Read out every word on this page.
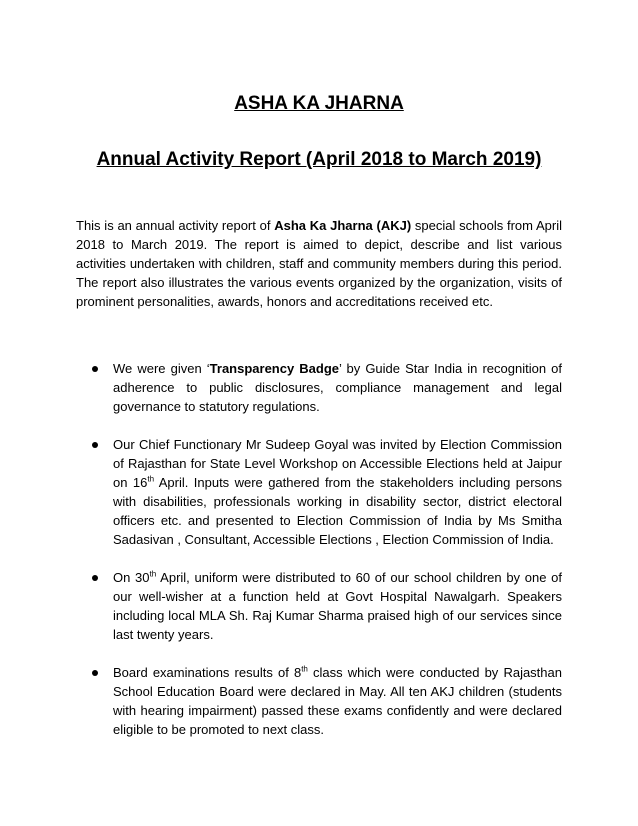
ASHA KA JHARNA
Annual Activity Report (April 2018 to March 2019)

This is an annual activity report of Asha Ka Jharna (AKJ) special schools from April 2018 to March 2019. The report is aimed to depict, describe and list various activities undertaken with children, staff and community members during this period. The report also illustrates the various events organized by the organization, visits of prominent personalities, awards, honors and accreditations received etc.

We were given ‘Transparency Badge’ by Guide Star India in recognition of adherence to public disclosures, compliance management and legal governance to statutory regulations.
Our Chief Functionary Mr Sudeep Goyal was invited by Election Commission of Rajasthan for State Level Workshop on Accessible Elections held at Jaipur on 16th April. Inputs were gathered from the stakeholders including persons with disabilities, professionals working in disability sector, district electoral officers etc. and presented to Election Commission of India by Ms Smitha Sadasivan , Consultant, Accessible Elections , Election Commission of India.
On 30th April, uniform were distributed to 60 of our school children by one of our well-wisher at a function held at Govt Hospital Nawalgarh. Speakers including local MLA Sh. Raj Kumar Sharma praised high of our services since last twenty years.
Board examinations results of 8th class which were conducted by Rajasthan School Education Board were declared in May. All ten AKJ children (students with hearing impairment) passed these exams confidently and were declared eligible to be promoted to next class.
